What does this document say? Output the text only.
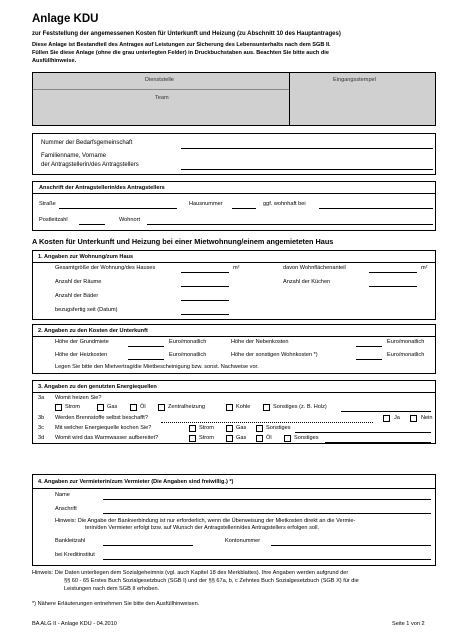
Anlage KDU
zur Feststellung der angemessenen Kosten für Unterkunft und Heizung (zu Abschnitt 10 des Hauptantrages)
Diese Anlage ist Bestandteil des Antrages auf Leistungen zur Sicherung des Lebensunterhalts nach dem SGB II.
Füllen Sie diese Anlage (ohne die grau unterlegten Felder) in Druckbuchstaben aus. Beachten Sie bitte auch die
Ausfüllhinweise.
Dienststelle
Team
Eingangsstempel
Nummer der Bedarfsgemeinschaft
Familienname, Vorname
der Antragstellerin/des Antragstellers
Anschrift der Antragstellerin/des Antragstellers
Straße	Hausnummer	ggf. wohnhaft bei
Postleitzahl	Wohnort
A Kosten für Unterkunft und Heizung bei einer Mietwohnung/einem angemieteten Haus
1. Angaben zur Wohnung/zum Haus
Gesamtgröße der Wohnung/des Hauses	m²	davon Wohnflächenanteil	m²
Anzahl der Räume	Anzahl der Küchen
Anzahl der Bäder
bezugsfertig seit (Datum)
2. Angaben zu den Kosten der Unterkunft
Höhe der Grundmiete	Euro/monatlich	Höhe der Nebenkosten	Euro/monatlich
Höhe der Heizkosten	Euro/monatlich	Höhe der sonstigen Wohnkosten *)	Euro/monatlich
Legen Sie bitte den Mietvertrag/die Mietbescheinigung bzw. sonst. Nachweise vor.
3. Angaben zu den genutzten Energiequellen
3a Womit heizen Sie?
Strom	Gas	Öl	Zentralheizung	Kohle	Sonstiges (z. B. Holz)
3b Werden Brennstoffe selbst beschafft?	Ja	Nein
3c Mit welcher Energiequelle kochen Sie?	Strom	Gas	Sonstiges
3d Womit wird das Warmwasser aufbereitet?	Strom	Gas	Öl	Sonstiges
4. Angaben zur Vermieterin/zum Vermieter (Die Angaben sind freiwillig.) *)
Name
Anschrift
Hinweis: Die Angabe der Bankverbindung ist nur erforderlich, wenn die Überweisung der Mietkosten direkt an die Vermie-
terin/den Vermieter erfolgt bzw. auf Wunsch der Antragstellerin/des Antragstellers erfolgen soll.
Bankleitzahl	Kontonummer
bei Kreditinstitut
Hinweis: Die Daten unterliegen dem Sozialgeheimnis (vgl. auch Kapitel 18 des Merkblattes). Ihre Angaben werden aufgrund der
§§ 60 - 65 Erstes Buch Sozialgesetzbuch (SGB I) und der §§ 67a, b, c Zehntes Buch Sozialgesetzbuch (SGB X) für die
Leistungen nach dem SGB II erhoben.
*) Nähere Erläuterungen entnehmen Sie bitte den Ausfüllhinweisen.
BA ALG II - Anlage KDU - 04.2010	Seite 1 von 2
